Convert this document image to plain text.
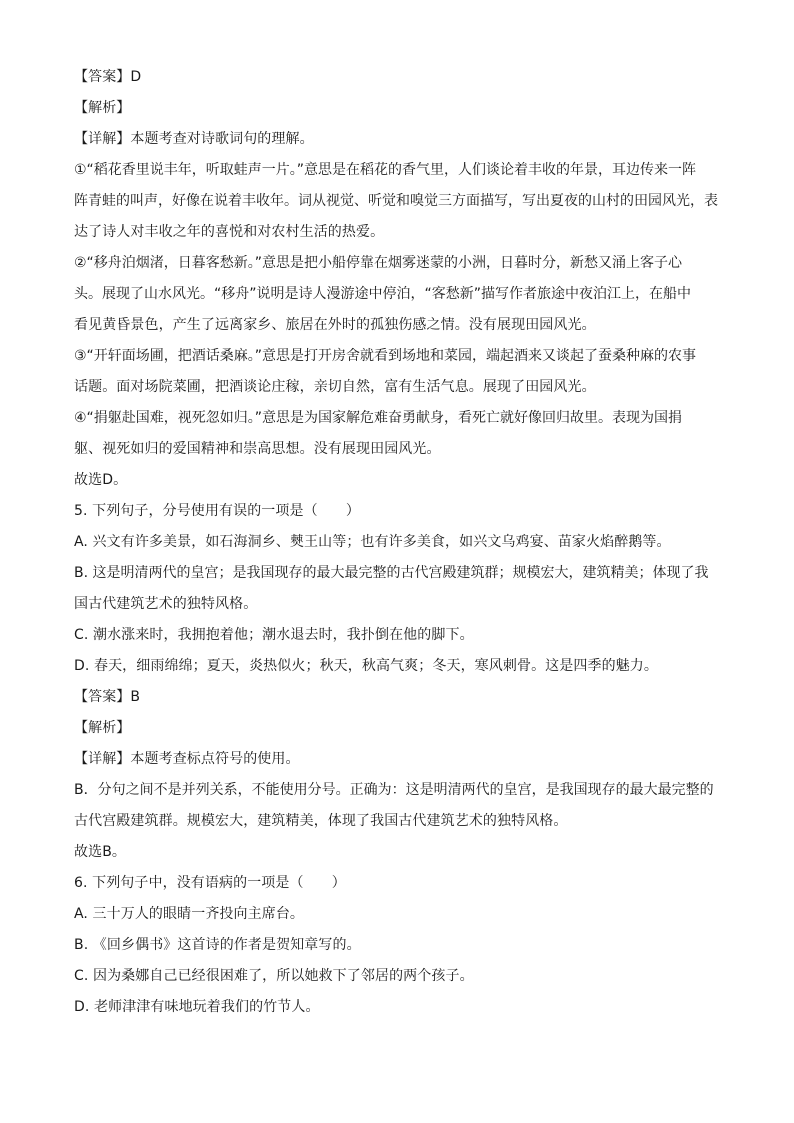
【答案】D
【解析】
【详解】本题考查对诗歌词句的理解。
①“稻花香里说丰年，听取蛙声一片。”意思是在稻花的香气里，人们谈论着丰收的年景，耳边传来一阵
阵青蛙的叫声，好像在说着丰收年。词从视觉、听觉和嗅觉三方面描写，写出夏夜的山村的田园风光，表
达了诗人对丰收之年的喜悦和对农村生活的热爱。
②“移舟泊烟渚，日暮客愁新。”意思是把小船停靠在烟雾迷蒙的小洲，日暮时分，新愁又涌上客子心
头。展现了山水风光。“移舟”说明是诗人漫游途中停泊，“客愁新”描写作者旅途中夜泊江上，在船中
看见黄昏景色，产生了远离家乡、旅居在外时的孤独伤感之情。没有展现田园风光。
③“开轩面场圃，把酒话桑麻。”意思是打开房舍就看到场地和菜园，端起酒来又谈起了蚕桑种麻的农事
话题。面对场院菜圃，把酒谈论庄稼，亲切自然，富有生活气息。展现了田园风光。
④“捐躯赴国难，视死忽如归。”意思是为国家解危难奋勇献身，看死亡就好像回归故里。表现为国捐
躯、视死如归的爱国精神和崇高思想。没有展现田园风光。
故选D。
5. 下列句子，分号使用有误的一项是（　　）
A. 兴文有许多美景，如石海洞乡、僰王山等；也有许多美食，如兴文乌鸡宴、苗家火焰醉鹅等。
B. 这是明清两代的皇宫；是我国现存的最大最完整的古代宫殿建筑群；规模宏大，建筑精美；体现了我
国古代建筑艺术的独特风格。
C. 潮水涨来时，我拥抱着他；潮水退去时，我扑倒在他的脚下。
D. 春天，细雨绵绵；夏天，炎热似火；秋天，秋高气爽；冬天，寒风刺骨。这是四季的魅力。
【答案】B
【解析】
【详解】本题考查标点符号的使用。
B．分句之间不是并列关系，不能使用分号。正确为：这是明清两代的皇宫，是我国现存的最大最完整的
古代宫殿建筑群。规模宏大，建筑精美，体现了我国古代建筑艺术的独特风格。
故选B。
6. 下列句子中，没有语病的一项是（　　）
A. 三十万人的眼睛一齐投向主席台。
B. 《回乡偶书》这首诗的作者是贺知章写的。
C. 因为桑娜自己已经很困难了，所以她救下了邻居的两个孩子。
D. 老师津津有味地玩着我们的竹节人。
